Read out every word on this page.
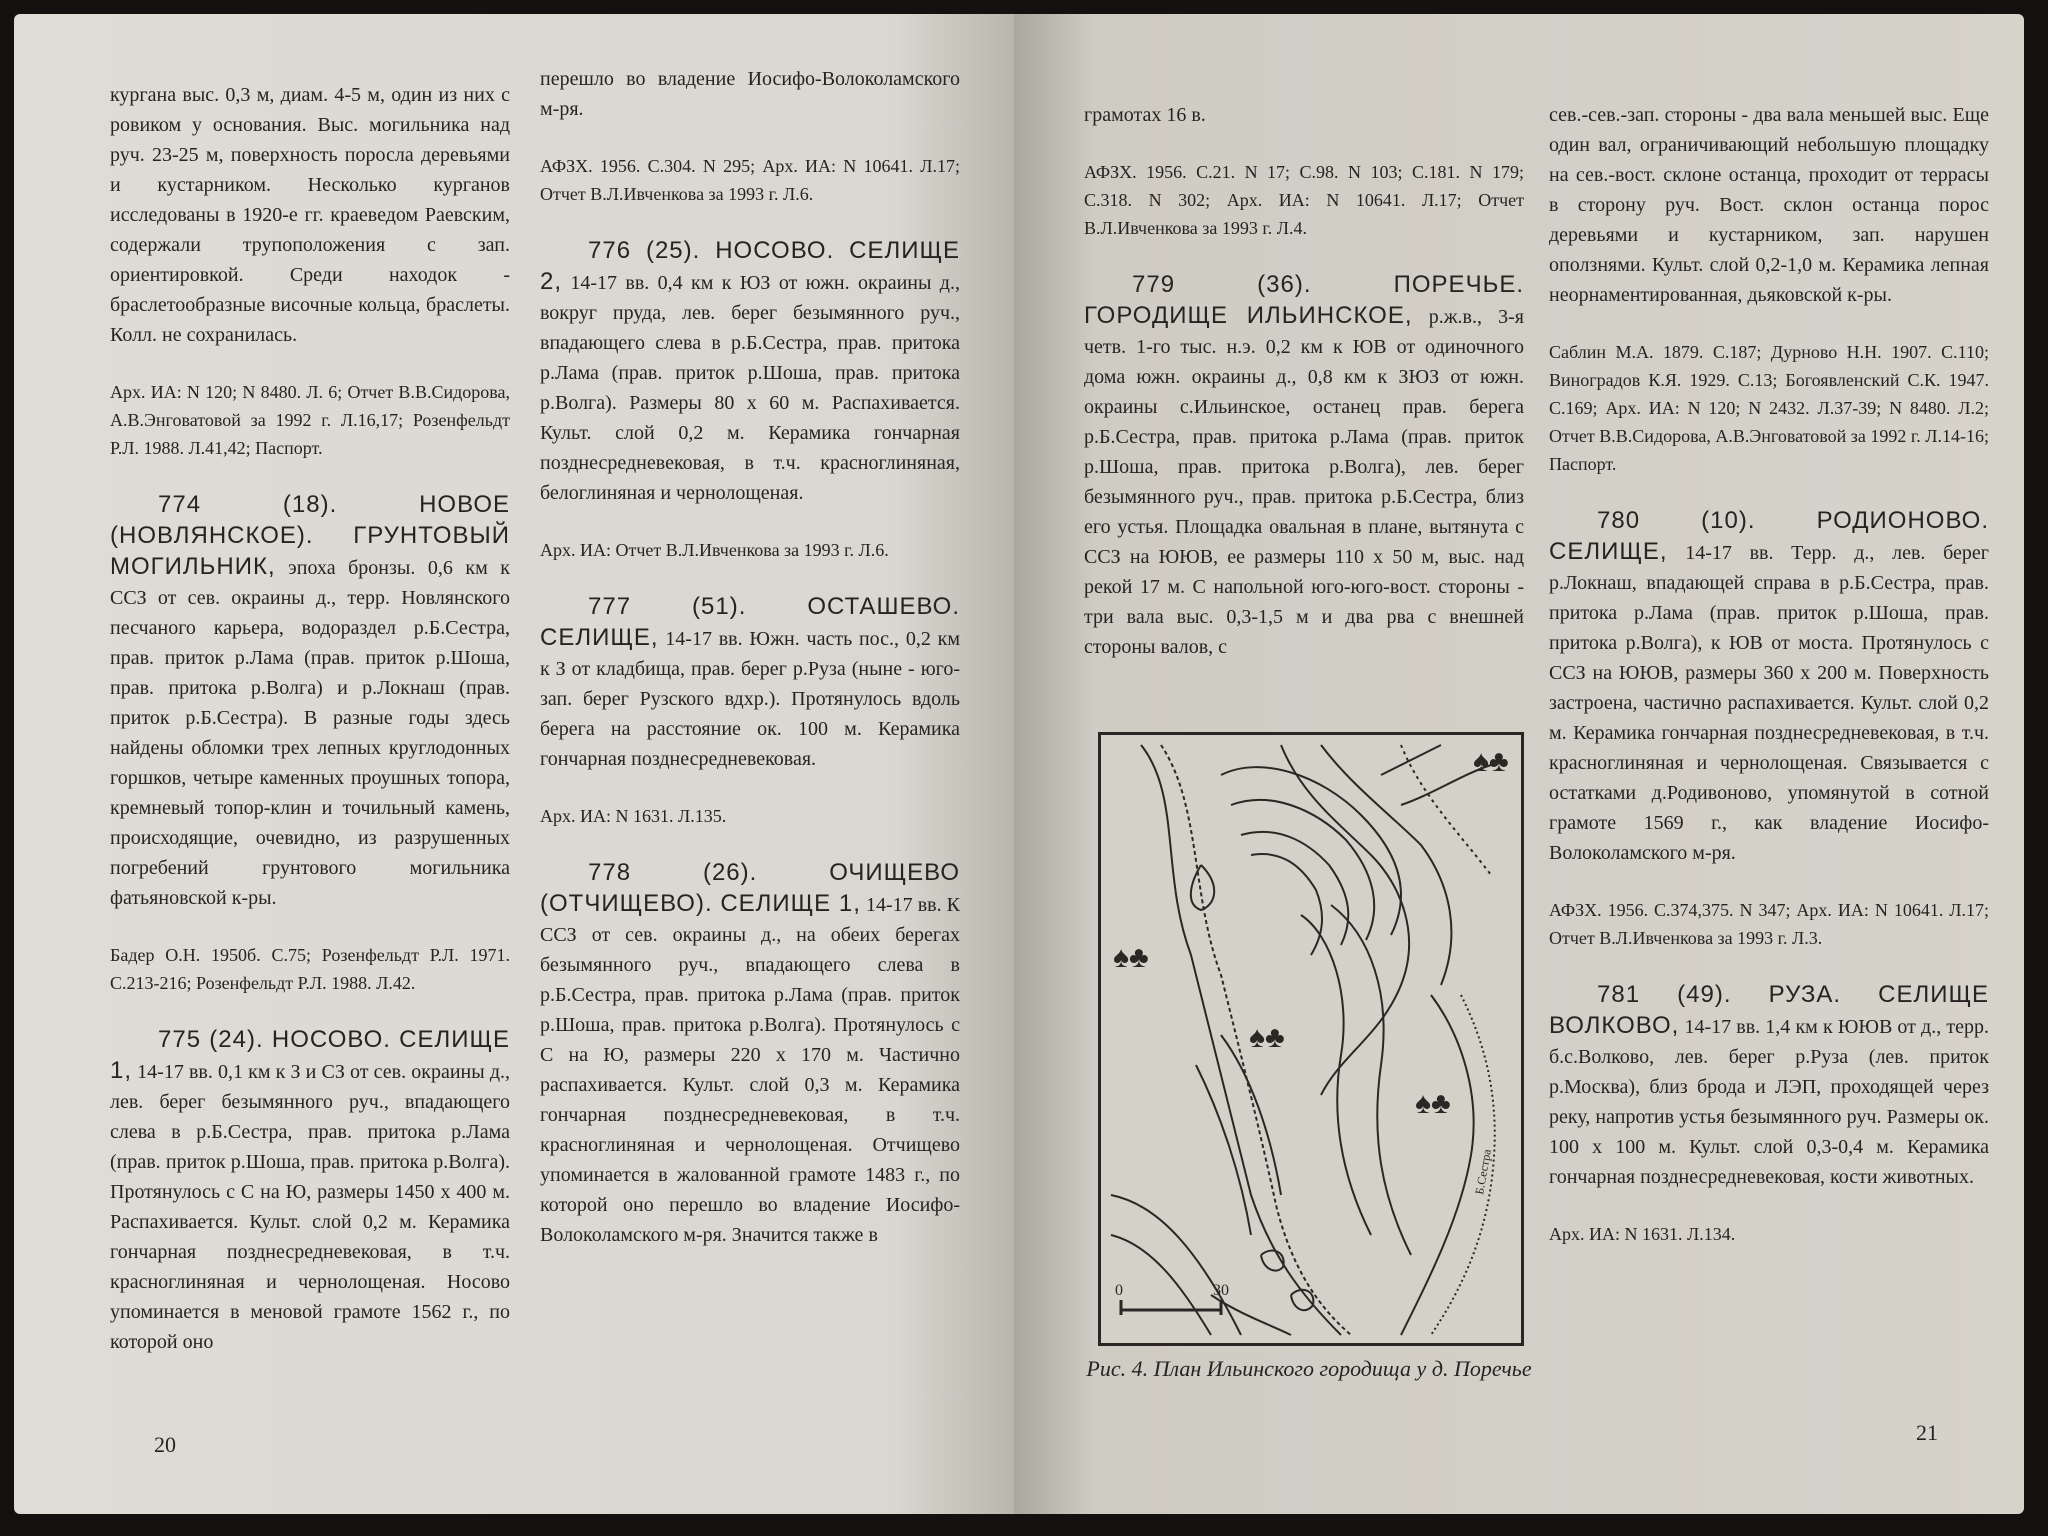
кургана выс. 0,3 м, диам. 4-5 м, один из них с ровиком у основания. Выс. могильника над руч. 23-25 м, поверхность поросла деревьями и кустарником. Несколько курганов исследованы в 1920-е гг. краеведом Раевским, содержали трупоположения с зап. ориентировкой. Среди находок - браслетообразные височные кольца, браслеты. Колл. не сохранилась.

Арх. ИА: N 120; N 8480. Л. 6; Отчет В.В.Сидорова, А.В.Энговатовой за 1992 г. Л.16,17; Розенфельдт Р.Л. 1988. Л.41,42; Паспорт.

774 (18). НОВОЕ (НОВЛЯНСКОЕ). ГРУНТОВЫЙ МОГИЛЬНИК, эпоха бронзы. 0,6 км к ССЗ от сев. окраины д., терр. Новлянского песчаного карьера, водораздел р.Б.Сестра, прав. приток р.Лама (прав. приток р.Шоша, прав. притока р.Волга) и р.Локнаш (прав. приток р.Б.Сестра). В разные годы здесь найдены обломки трех лепных круглодонных горшков, четыре каменных проушных топора, кремневый топор-клин и точильный камень, происходящие, очевидно, из разрушенных погребений грунтового могильника фатьяновской к-ры.

Бадер О.Н. 1950б. С.75; Розенфельдт Р.Л. 1971. С.213-216; Розенфельдт Р.Л. 1988. Л.42.

775 (24). НОСОВО. СЕЛИЩЕ 1, 14-17 вв. 0,1 км к З и СЗ от сев. окраины д., лев. берег безымянного руч., впадающего слева в р.Б.Сестра, прав. притока р.Лама (прав. приток р.Шоша, прав. притока р.Волга). Протянулось с С на Ю, размеры 1450 х 400 м. Распахивается. Культ. слой 0,2 м. Керамика гончарная позднесредневековая, в т.ч. красноглиняная и чернолощеная. Носово упоминается в меновой грамоте 1562 г., по которой оно

перешло во владение Иосифо-Волоколамского м-ря.

АФЗХ. 1956. С.304. N 295; Арх. ИА: N 10641. Л.17; Отчет В.Л.Ивченкова за 1993 г. Л.6.

776 (25). НОСОВО. СЕЛИЩЕ 2, 14-17 вв. 0,4 км к ЮЗ от южн. окраины д., вокруг пруда, лев. берег безымянного руч., впадающего слева в р.Б.Сестра, прав. притока р.Лама (прав. приток р.Шоша, прав. притока р.Волга). Размеры 80 х 60 м. Распахивается. Культ. слой 0,2 м. Керамика гончарная позднесредневековая, в т.ч. красноглиняная, белоглиняная и чернолощеная.

Арх. ИА: Отчет В.Л.Ивченкова за 1993 г. Л.6.

777 (51). ОСТАШЕВО. СЕЛИЩЕ, 14-17 вв. Южн. часть пос., 0,2 км к З от кладбища, прав. берег р.Руза (ныне - юго-зап. берег Рузского вдхр.). Протянулось вдоль берега на расстояние ок. 100 м. Керамика гончарная позднесредневековая.

Арх. ИА: N 1631. Л.135.

778 (26). ОЧИЩЕВО (ОТЧИЩЕВО). СЕЛИЩЕ 1, 14-17 вв. К ССЗ от сев. окраины д., на обеих берегах безымянного руч., впадающего слева в р.Б.Сестра, прав. притока р.Лама (прав. приток р.Шоша, прав. притока р.Волга). Протянулось с С на Ю, размеры 220 х 170 м. Частично распахивается. Культ. слой 0,3 м. Керамика гончарная позднесредневековая, в т.ч. красноглиняная и чернолощеная. Отчищево упоминается в жалованной грамоте 1483 г., по которой оно перешло во владение Иосифо-Волоколамского м-ря. Значится также в

20

грамотах 16 в.

АФЗХ. 1956. С.21. N 17; С.98. N 103; С.181. N 179; С.318. N 302; Арх. ИА: N 10641. Л.17; Отчет В.Л.Ивченкова за 1993 г. Л.4.

779 (36). ПОРЕЧЬЕ. ГОРОДИЩЕ ИЛЬИНСКОЕ, р.ж.в., 3-я четв. 1-го тыс. н.э. 0,2 км к ЮВ от одиночного дома южн. окраины д., 0,8 км к ЗЮЗ от южн. окраины с.Ильинское, останец прав. берега р.Б.Сестра, прав. притока р.Лама (прав. приток р.Шоша, прав. притока р.Волга), лев. берег безымянного руч., прав. притока р.Б.Сестра, близ его устья. Площадка овальная в плане, вытянута с ССЗ на ЮЮВ, ее размеры 110 х 50 м, выс. над рекой 17 м. С напольной юго-юго-вост. стороны - три вала выс. 0,3-1,5 м и два рва с внешней стороны валов, с

0	30
Б.Сестра
♠♣
♠♣
♠♣
♠♣
Рис. 4. План Ильинского городища у д. Поречье

сев.-сев.-зап. стороны - два вала меньшей выс. Еще один вал, ограничивающий небольшую площадку на сев.-вост. склоне останца, проходит от террасы в сторону руч. Вост. склон останца порос деревьями и кустарником, зап. нарушен оползнями. Культ. слой 0,2-1,0 м. Керамика лепная неорнаментированная, дьяковской к-ры.

Саблин М.А. 1879. С.187; Дурново Н.Н. 1907. С.110; Виноградов К.Я. 1929. С.13; Богоявленский С.К. 1947. С.169; Арх. ИА: N 120; N 2432. Л.37-39; N 8480. Л.2; Отчет В.В.Сидорова, А.В.Энговатовой за 1992 г. Л.14-16; Паспорт.

780 (10). РОДИОНОВО. СЕЛИЩЕ, 14-17 вв. Терр. д., лев. берег р.Локнаш, впадающей справа в р.Б.Сестра, прав. притока р.Лама (прав. приток р.Шоша, прав. притока р.Волга), к ЮВ от моста. Протянулось с ССЗ на ЮЮВ, размеры 360 х 200 м. Поверхность застроена, частично распахивается. Культ. слой 0,2 м. Керамика гончарная позднесредневековая, в т.ч. красноглиняная и чернолощеная. Связывается с остатками д.Родивоново, упомянутой в сотной грамоте 1569 г., как владение Иосифо-Волоколамского м-ря.

АФЗХ. 1956. С.374,375. N 347; Арх. ИА: N 10641. Л.17; Отчет В.Л.Ивченкова за 1993 г. Л.3.

781 (49). РУЗА. СЕЛИЩЕ ВОЛКОВО, 14-17 вв. 1,4 км к ЮЮВ от д., терр. б.с.Волково, лев. берег р.Руза (лев. приток р.Москва), близ брода и ЛЭП, проходящей через реку, напротив устья безымянного руч. Размеры ок. 100 х 100 м. Культ. слой 0,3-0,4 м. Керамика гончарная позднесредневековая, кости животных.

Арх. ИА: N 1631. Л.134.

21
